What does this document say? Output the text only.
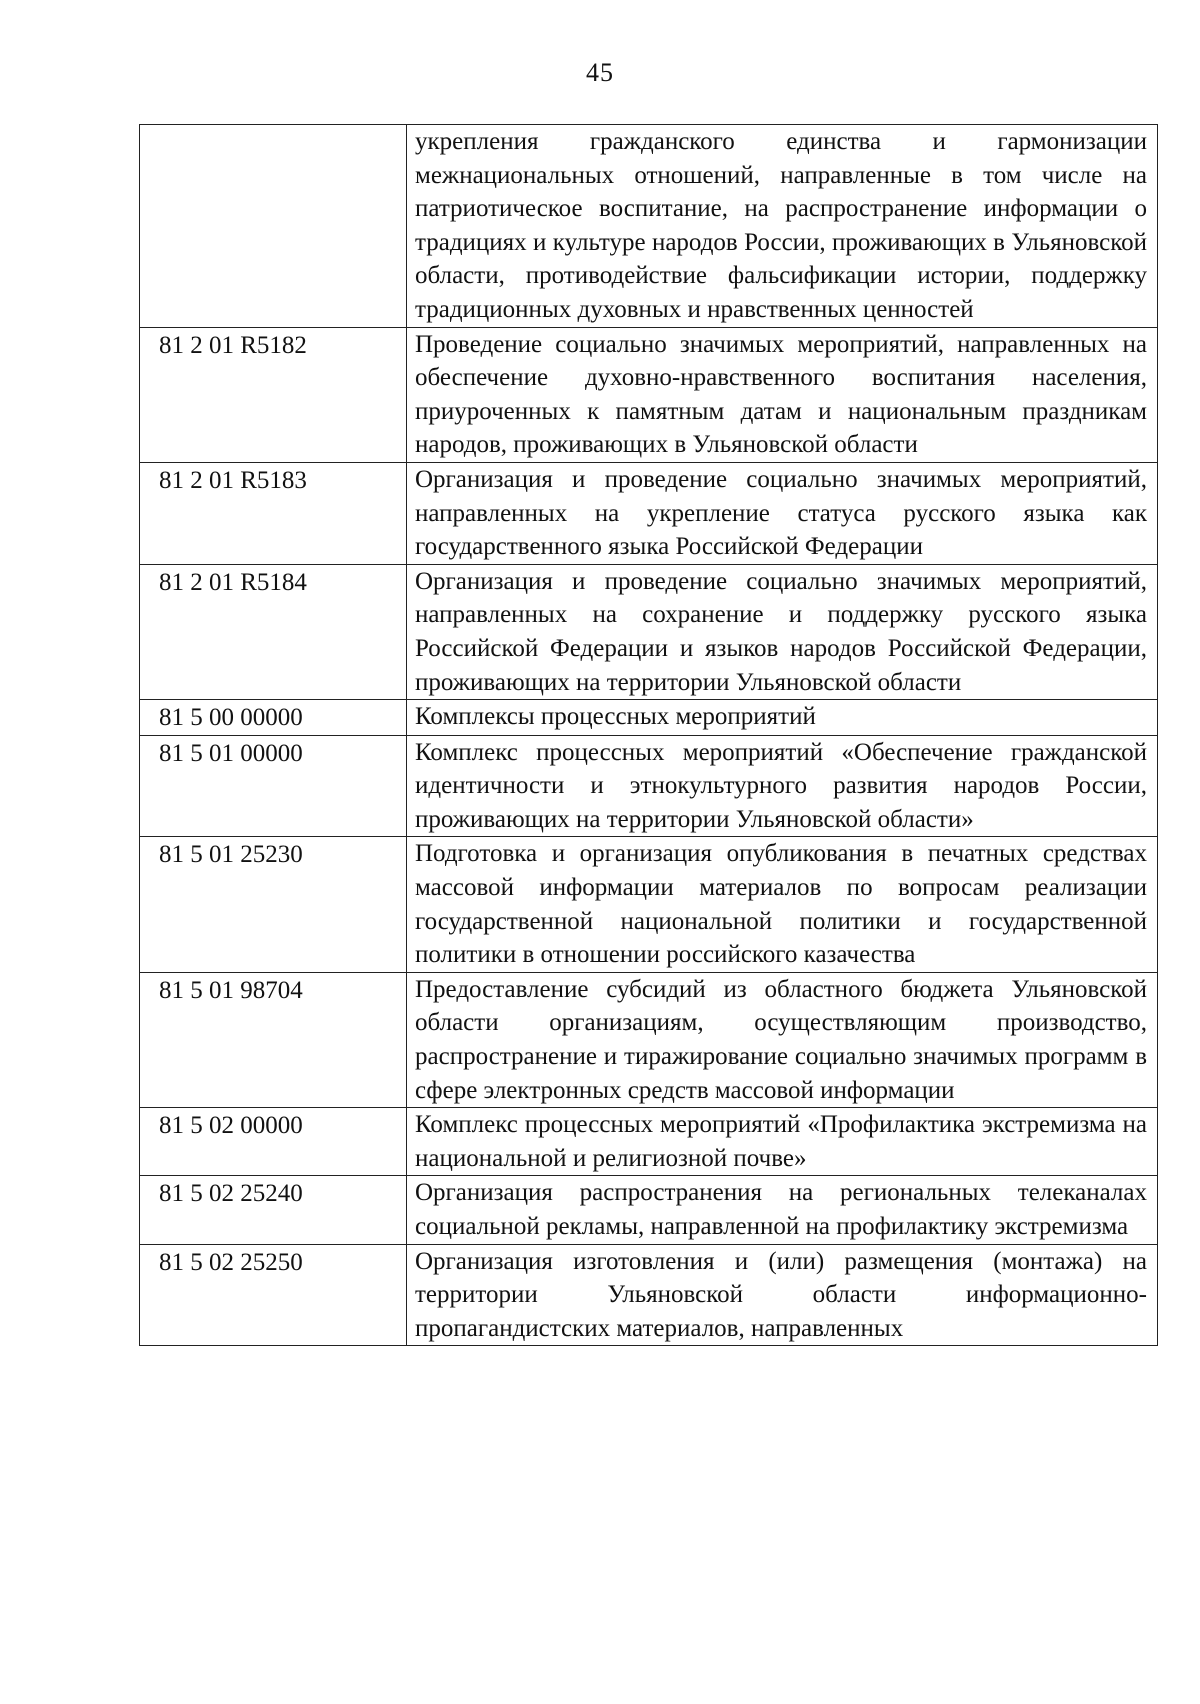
45
	укрепления гражданского единства и гармонизации межнациональных отношений, направленные в том числе на патриотическое воспитание, на распространение информации о традициях и культуре народов России, проживающих в Ульяновской области, противодействие фальсификации истории, поддержку традиционных духовных и нравственных ценностей
81 2 01 R5182	Проведение социально значимых мероприятий, направленных на обеспечение духовно-нравственного воспитания населения, приуроченных к памятным датам и национальным праздникам народов, проживающих в Ульяновской области
81 2 01 R5183	Организация и проведение социально значимых мероприятий, направленных на укрепление статуса русского языка как государственного языка Российской Федерации
81 2 01 R5184	Организация и проведение социально значимых мероприятий, направленных на сохранение и поддержку русского языка Российской Федерации и языков народов Российской Федерации, проживающих на территории Ульяновской области
81 5 00 00000	Комплексы процессных мероприятий
81 5 01 00000	Комплекс процессных мероприятий «Обеспечение гражданской идентичности и этнокультурного развития народов России, проживающих на территории Ульяновской области»
81 5 01 25230	Подготовка и организация опубликования в печатных средствах массовой информации материалов по вопросам реализации государственной национальной политики и государственной политики в отношении российского казачества
81 5 01 98704	Предоставление субсидий из областного бюджета Ульяновской области организациям, осуществляющим производство, распространение и тиражирование социально значимых программ в сфере электронных средств массовой информации
81 5 02 00000	Комплекс процессных мероприятий «Профилактика экстремизма на национальной и религиозной почве»
81 5 02 25240	Организация распространения на региональных телеканалах социальной рекламы, направленной на профилактику экстремизма
81 5 02 25250	Организация изготовления и (или) размещения (монтажа) на территории Ульяновской области информационно-пропагандистских материалов, направленных
